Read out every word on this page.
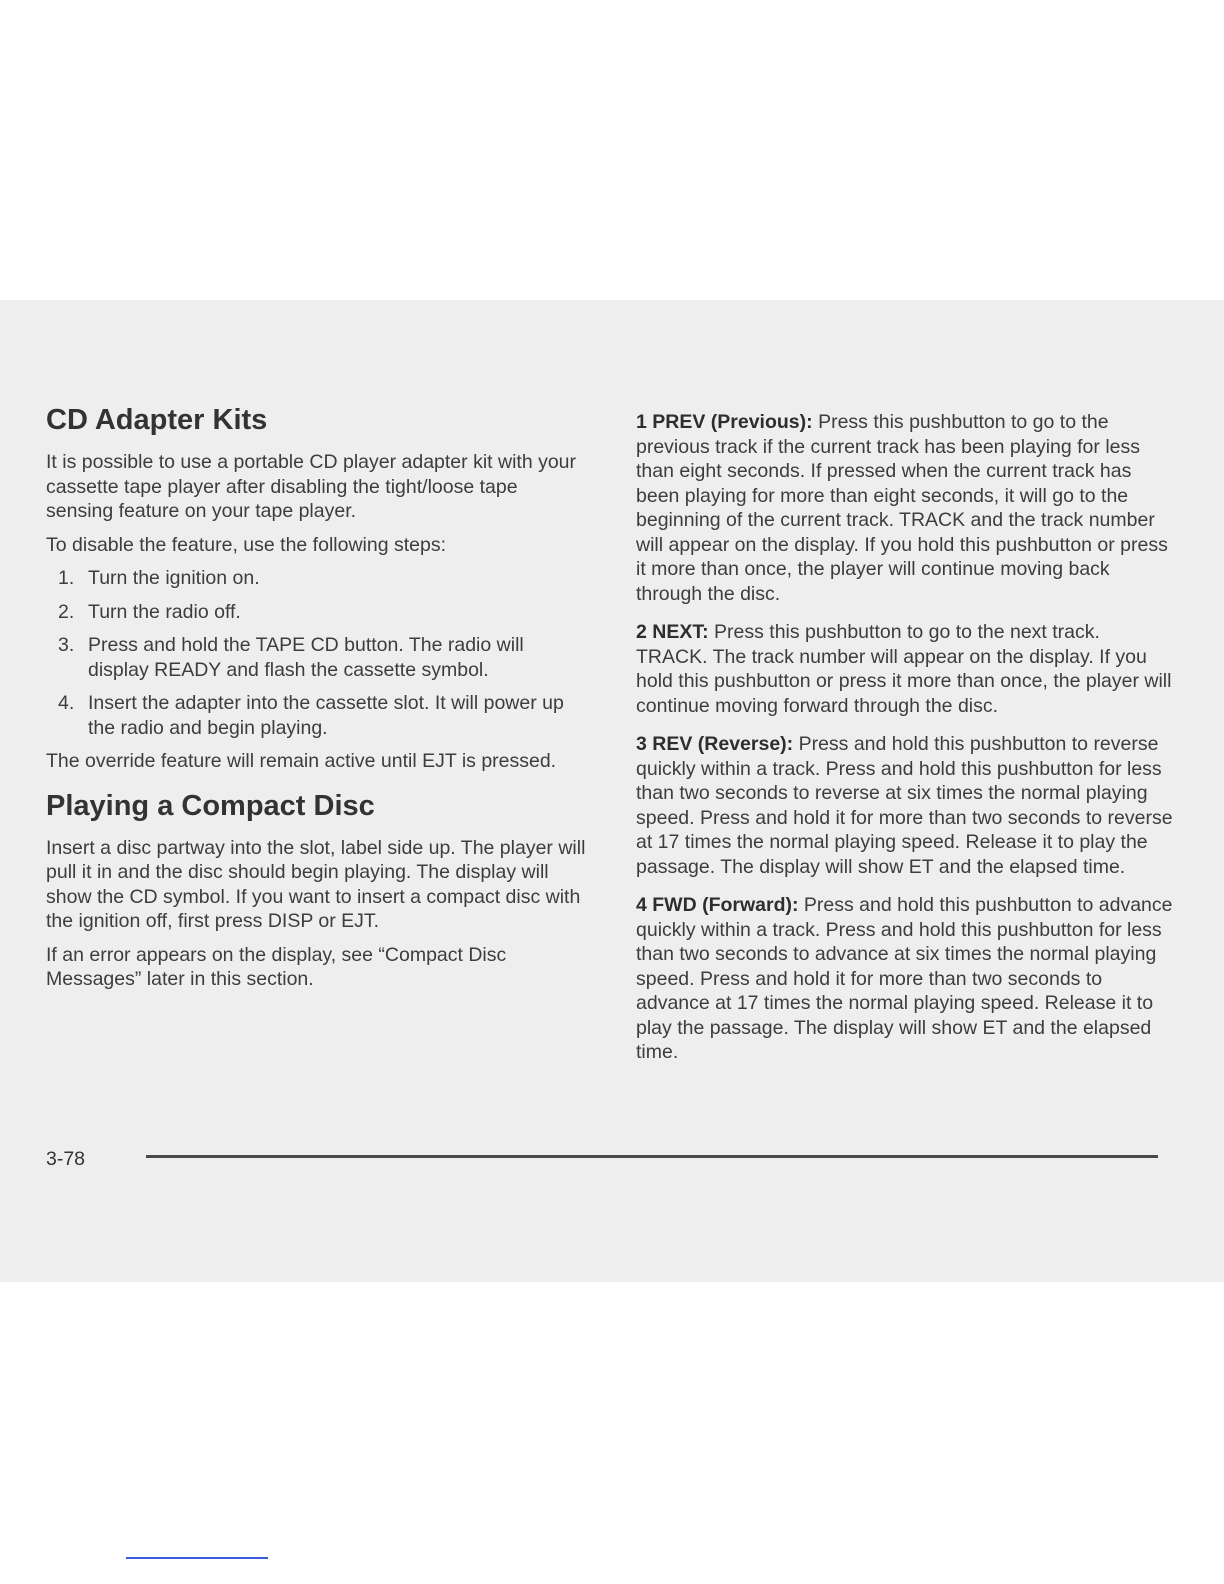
CD Adapter Kits

It is possible to use a portable CD player adapter kit with your cassette tape player after disabling the tight/loose tape sensing feature on your tape player.

To disable the feature, use the following steps:

1. Turn the ignition on.
2. Turn the radio off.
3. Press and hold the TAPE CD button. The radio will display READY and flash the cassette symbol.
4. Insert the adapter into the cassette slot. It will power up the radio and begin playing.

The override feature will remain active until EJT is pressed.

Playing a Compact Disc

Insert a disc partway into the slot, label side up. The player will pull it in and the disc should begin playing. The display will show the CD symbol. If you want to insert a compact disc with the ignition off, first press DISP or EJT.

If an error appears on the display, see “Compact Disc Messages” later in this section.

1 PREV (Previous): Press this pushbutton to go to the previous track if the current track has been playing for less than eight seconds. If pressed when the current track has been playing for more than eight seconds, it will go to the beginning of the current track. TRACK and the track number will appear on the display. If you hold this pushbutton or press it more than once, the player will continue moving back through the disc.

2 NEXT: Press this pushbutton to go to the next track. TRACK. The track number will appear on the display. If you hold this pushbutton or press it more than once, the player will continue moving forward through the disc.

3 REV (Reverse): Press and hold this pushbutton to reverse quickly within a track. Press and hold this pushbutton for less than two seconds to reverse at six times the normal playing speed. Press and hold it for more than two seconds to reverse at 17 times the normal playing speed. Release it to play the passage. The display will show ET and the elapsed time.

4 FWD (Forward): Press and hold this pushbutton to advance quickly within a track. Press and hold this pushbutton for less than two seconds to advance at six times the normal playing speed. Press and hold it for more than two seconds to advance at 17 times the normal playing speed. Release it to play the passage. The display will show ET and the elapsed time.

3-78
